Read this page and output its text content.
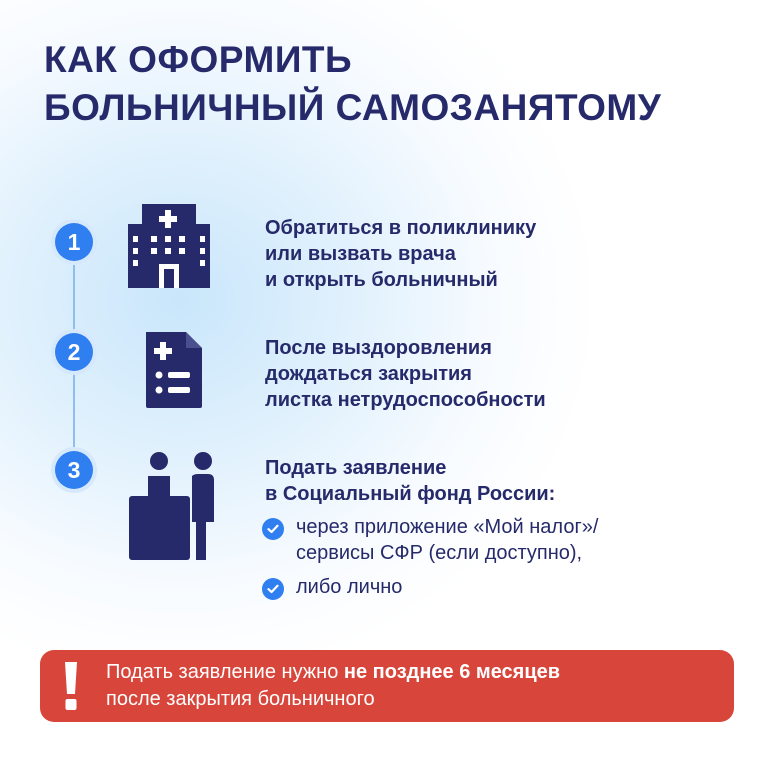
КАК ОФОРМИТЬ
БОЛЬНИЧНЫЙ САМОЗАНЯТОМУ
1
Обратиться в поликлинику
или вызвать врача
и открыть больничный
2	После выздоровления
дождаться закрытия
листка нетрудоспособности
3	Подать заявление
в Социальный фонд России:
через приложение «Мой налог»/
сервисы СФР (если доступно),
либо лично
Подать заявление нужно не позднее 6 месяцев
после закрытия больничного
